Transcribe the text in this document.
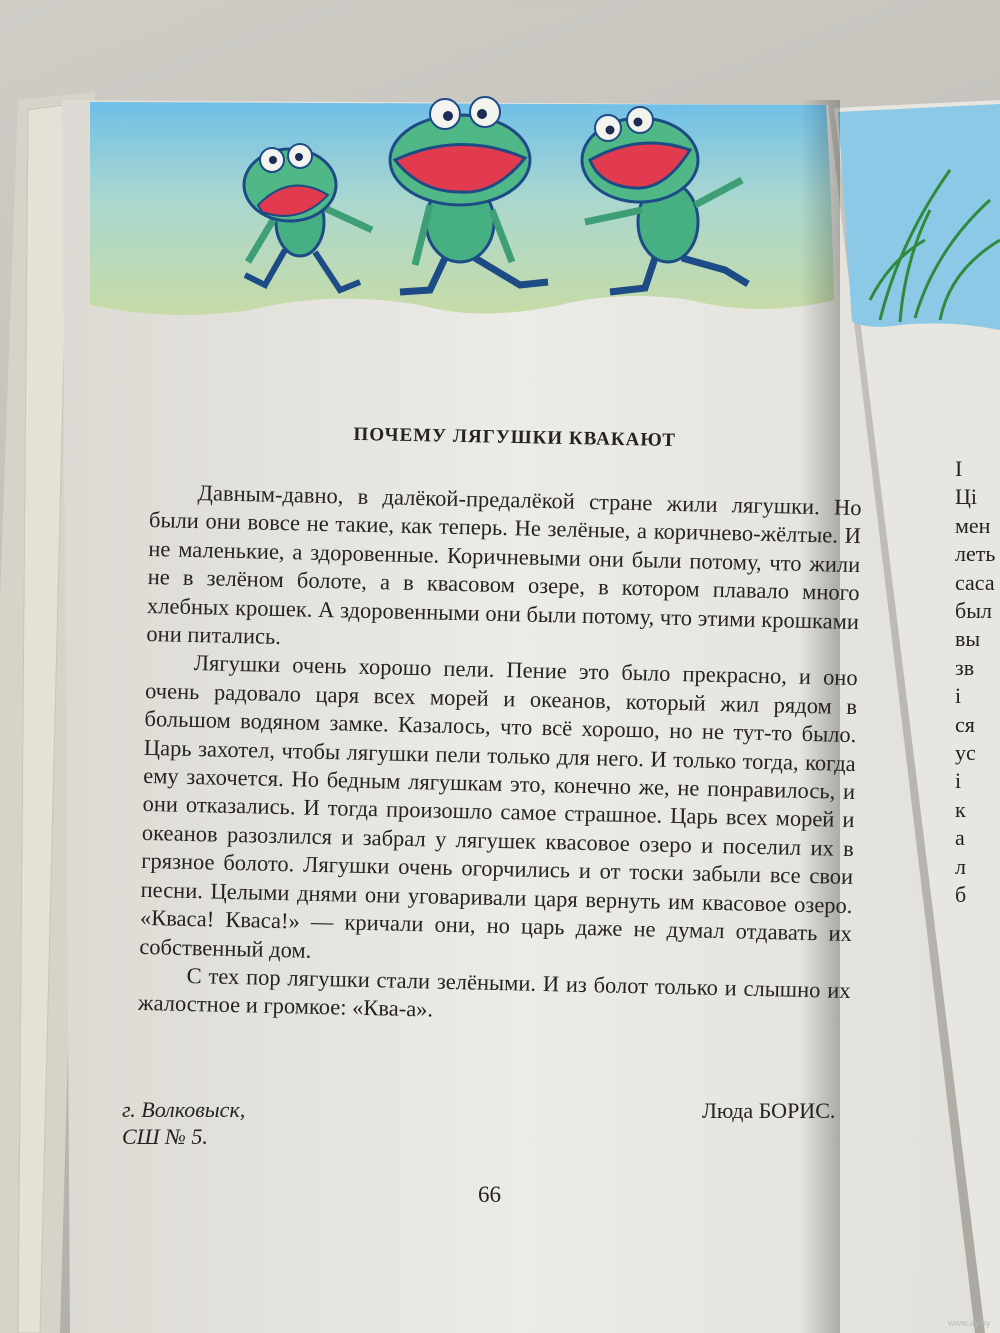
ПОЧЕМУ ЛЯГУШКИ КВАКАЮТ

Давным-давно, в далёкой-предалёкой стране жили лягушки. Но были они вовсе не такие, как теперь. Не зелёные, а коричнево-жёлтые. И не маленькие, а здоровенные. Коричневыми они были потому, что жили не в зелёном болоте, а в квасовом озере, в котором плавало много хлебных крошек. А здоровенными они были потому, что этими крошками они питались.

Лягушки очень хорошо пели. Пение это было прекрасно, и оно очень радовало царя всех морей и океанов, который жил рядом в большом водяном замке. Казалось, что всё хорошо, но не тут-то было. Царь захотел, чтобы лягушки пели только для него. И только тогда, когда ему захочется. Но бедным лягушкам это, конечно же, не понравилось, и они отказались. И тогда произошло самое страшное. Царь всех морей и океанов разозлился и забрал у лягушек квасовое озеро и поселил их в грязное болото. Лягушки очень огорчились и от тоски забыли все свои песни. Целыми днями они уговаривали царя вернуть им квасовое озеро. «Кваса! Кваса!» — кричали они, но царь даже не думал отдавать их собственный дом.

С тех пор лягушки стали зелёными. И из болот только и слышно их жалостное и громкое: «Ква-а».

г. Волковыск,
СШ № 5.
Люда БОРИС.
66
І
Ці
мен
леть
саса
был
вы
зв
і
ся
ус
і
к
а
л
б
www.ay.by
